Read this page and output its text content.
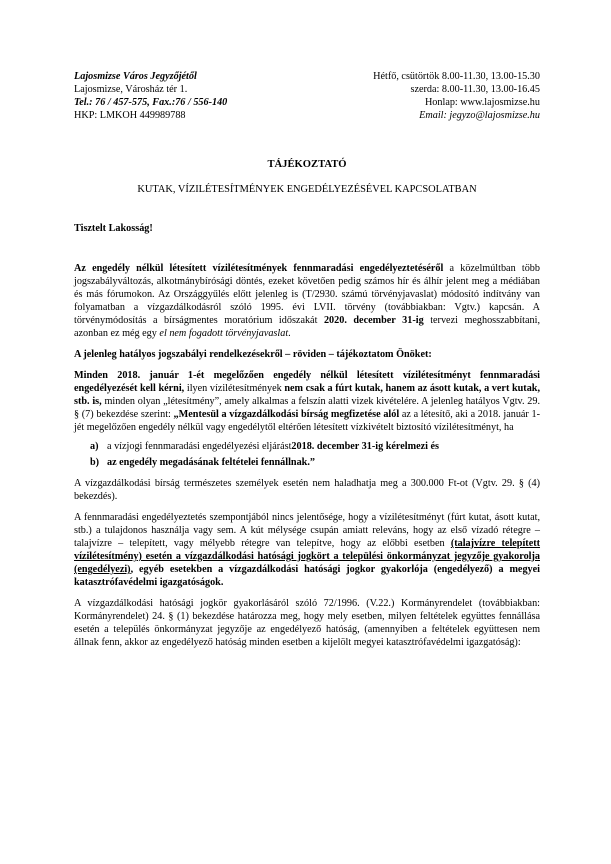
Lajosmizse Város Jegyzőjétől
Lajosmizse, Városház tér 1.
Tel.: 76 / 457-575, Fax.:76 / 556-140
HKP: LMKOH 449989788
Hétfő, csütörtök 8.00-11.30, 13.00-15.30
szerda: 8.00-11.30, 13.00-16.45
Honlap: www.lajosmizse.hu
Email: jegyzo@lajosmizse.hu
TÁJÉKOZTATÓ
KUTAK, VÍZILÉTESÍTMÉNYEK ENGEDÉLYEZÉSÉVEL KAPCSOLATBAN
Tisztelt Lakosság!

Az engedély nélkül létesített vízilétesítmények fennmaradási engedélyeztetéséről a közelmúltban több jogszabályváltozás, alkotmánybírósági döntés, ezeket követően pedig számos hír és álhír jelent meg a médiában és más fórumokon. Az Országgyűlés előtt jelenleg is (T/2930. számú törvényjavaslat) módosító indítvány van folyamatban a vízgazdálkodásról szóló 1995. évi LVII. törvény (továbbiakban: Vgtv.) kapcsán. A törvénymódosítás a bírságmentes moratórium időszakát 2020. december 31-ig tervezi meghosszabbítani, azonban ez még egy el nem fogadott törvényjavaslat.

A jelenleg hatályos jogszabályi rendelkezésekről – röviden – tájékoztatom Önöket:

Minden 2018. január 1-ét megelőzően engedély nélkül létesített vízilétesítményt fennmaradási engedélyezését kell kérni, ilyen vízilétesítmények nem csak a fúrt kutak, hanem az ásott kutak, a vert kutak, stb. is, minden olyan „létesítmény”, amely alkalmas a felszín alatti vizek kivételére. A jelenleg hatályos Vgtv. 29. § (7) bekezdése szerint: „Mentesül a vízgazdálkodási bírság megfizetése alól az a létesítő, aki a 2018. január 1-jét megelőzően engedély nélkül vagy engedélytől eltérően létesített vízkivételt biztosító vízilétesítményt, ha

a) a vízjogi fennmaradási engedélyezési eljárást2018. december 31-ig kérelmezi és
b) az engedély megadásának feltételei fennállnak.”

A vízgazdálkodási bírság természetes személyek esetén nem haladhatja meg a 300.000 Ft-ot (Vgtv. 29. § (4) bekezdés).

A fennmaradási engedélyeztetés szempontjából nincs jelentősége, hogy a vízilétesítményt (fúrt kutat, ásott kutat, stb.) a tulajdonos használja vagy sem. A kút mélysége csupán amiatt releváns, hogy az első vízadó rétegre – talajvízre – telepített, vagy mélyebb rétegre van telepítve, hogy az előbbi esetben (talajvízre telepített vízilétesítmény) esetén a vízgazdálkodási hatósági jogkört a települési önkormányzat jegyzője gyakorolja (engedélyezi), egyéb esetekben a vízgazdálkodási hatósági jogkor gyakorlója (engedélyező) a megyei katasztrófavédelmi igazgatóságok.

A vízgazdálkodási hatósági jogkör gyakorlásáról szóló 72/1996. (V.22.) Kormányrendelet (továbbiakban: Kormányrendelet) 24. § (1) bekezdése határozza meg, hogy mely esetben, milyen feltételek együttes fennállása esetén a település önkormányzat jegyzője az engedélyező hatóság, (amennyiben a feltételek együttesen nem állnak fenn, akkor az engedélyező hatóság minden esetben a kijelölt megyei katasztrófavédelmi igazgatóság):
